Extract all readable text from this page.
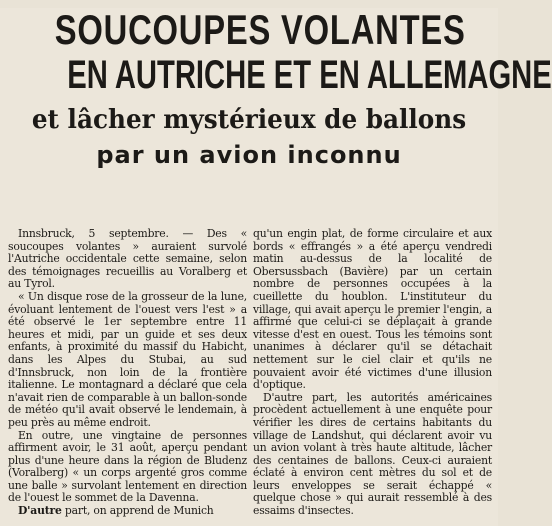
SOUCOUPES VOLANTES
EN AUTRICHE ET EN ALLEMAGNE
et lâcher mystérieux de ballons
par un avion inconnu

Innsbruck, 5 septembre. — Des « soucoupes volantes » auraient survolé l'Autriche occidentale cette semaine, selon des témoignages recueillis au Voralberg et au Tyrol.

« Un disque rose de la grosseur de la lune, évoluant lentement de l'ouest vers l'est » a été observé le 1er septembre entre 11 heures et midi, par un guide et ses deux enfants, à proximité du massif du Habicht, dans les Alpes du Stubai, au sud d'Innsbruck, non loin de la frontière italienne. Le montagnard a déclaré que cela n'avait rien de comparable à un ballon-sonde de météo qu'il avait observé le lendemain, à peu près au même endroit.

En outre, une vingtaine de personnes affirment avoir, le 31 août, aperçu pendant plus d'une heure dans la région de Bludenz (Voralberg) « un corps argenté gros comme une balle » survolant lentement en direction de l'ouest le sommet de la Davenna.

D'autre part, on apprend de Munich

qu'un engin plat, de forme circulaire et aux bords « effrangés » a été aperçu vendredi matin au-dessus de la localité de Obersussbach (Bavière) par un certain nombre de personnes occupées à la cueillette du houblon. L'instituteur du village, qui avait aperçu le premier l'engin, a affirmé que celui-ci se déplaçait à grande vitesse d'est en ouest. Tous les témoins sont unanimes à déclarer qu'il se détachait nettement sur le ciel clair et qu'ils ne pouvaient avoir été victimes d'une illusion d'optique.

D'autre part, les autorités américaines procèdent actuellement à une enquête pour vérifier les dires de certains habitants du village de Landshut, qui déclarent avoir vu un avion volant à très haute altitude, lâcher des centaines de ballons. Ceux-ci auraient éclaté à environ cent mètres du sol et de leurs enveloppes se serait échappé « quelque chose » qui aurait ressemblé à des essaims d'insectes.
